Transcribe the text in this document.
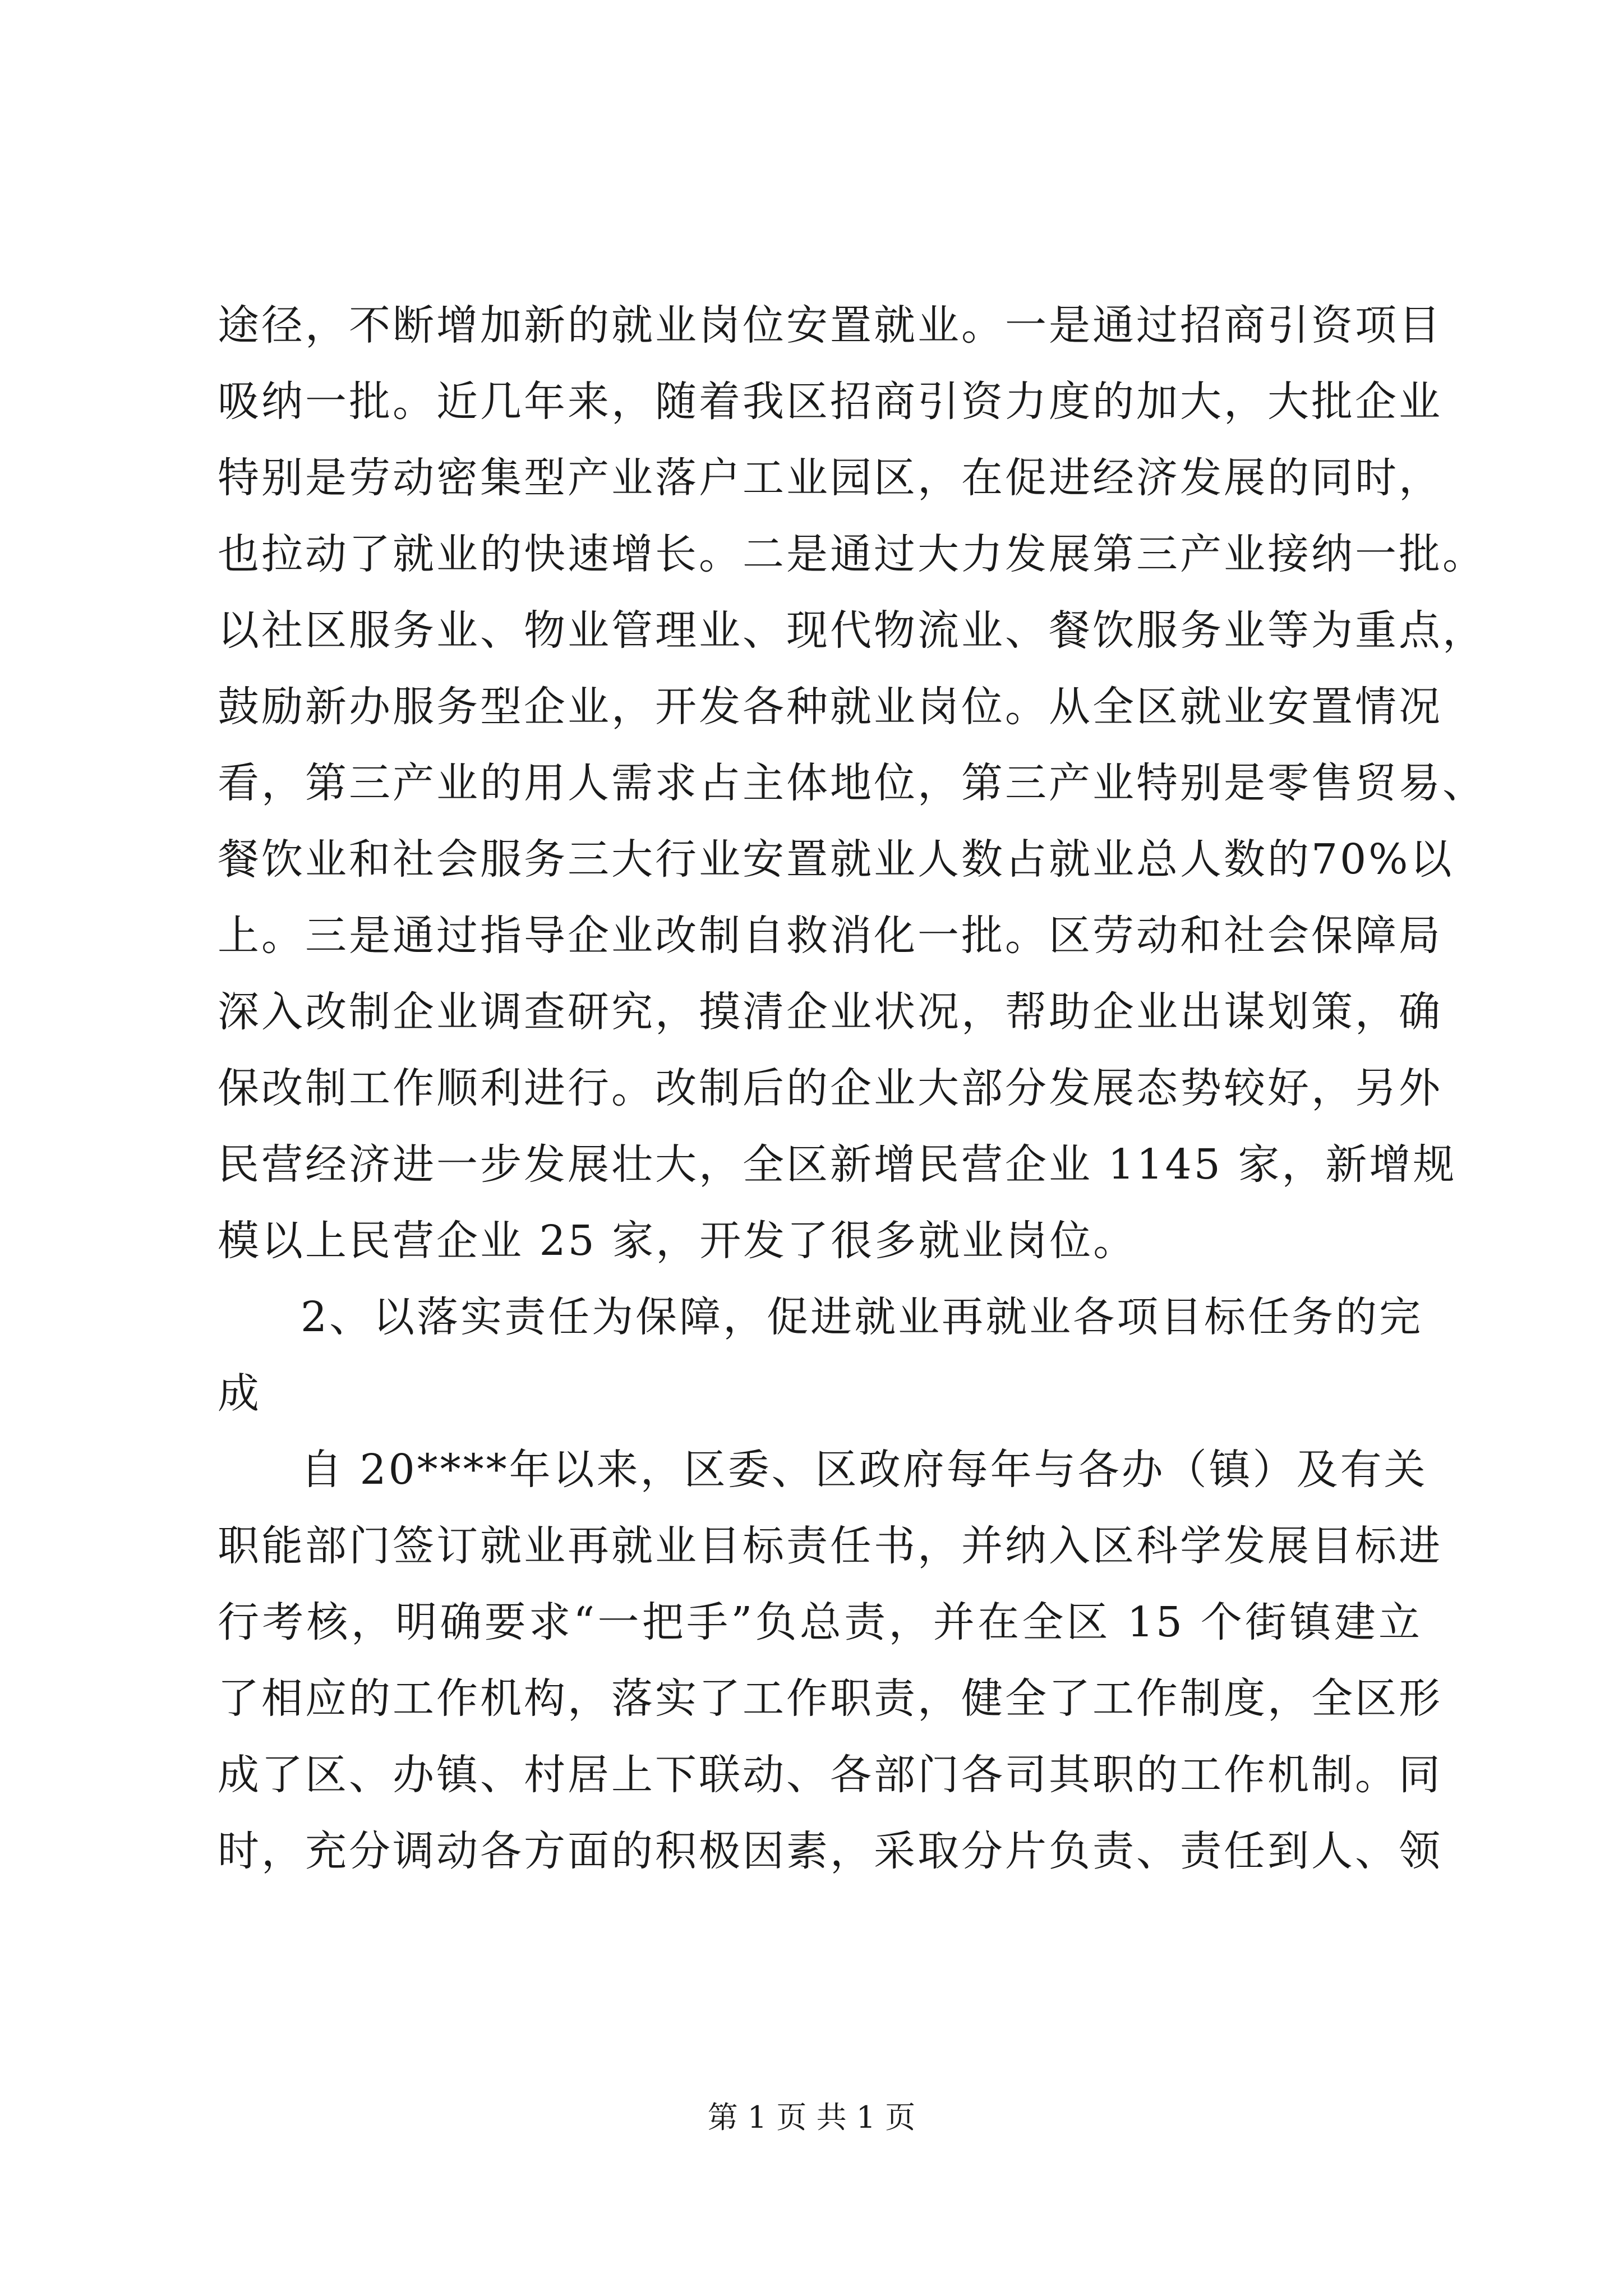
途径，不断增加新的就业岗位安置就业。一是通过招商引资项目
吸纳一批。近几年来，随着我区招商引资力度的加大，大批企业
特别是劳动密集型产业落户工业园区，在促进经济发展的同时，
也拉动了就业的快速增长。二是通过大力发展第三产业接纳一批。
以社区服务业、物业管理业、现代物流业、餐饮服务业等为重点，
鼓励新办服务型企业，开发各种就业岗位。从全区就业安置情况
看，第三产业的用人需求占主体地位，第三产业特别是零售贸易、
餐饮业和社会服务三大行业安置就业人数占就业总人数的70%以
上。三是通过指导企业改制自救消化一批。区劳动和社会保障局
深入改制企业调查研究，摸清企业状况，帮助企业出谋划策，确
保改制工作顺利进行。改制后的企业大部分发展态势较好，另外
民营经济进一步发展壮大，全区新增民营企业 1145 家，新增规
模以上民营企业 25 家，开发了很多就业岗位。
2、以落实责任为保障，促进就业再就业各项目标任务的完
成
自 20****年以来，区委、区政府每年与各办（镇）及有关
职能部门签订就业再就业目标责任书，并纳入区科学发展目标进
行考核，明确要求“一把手”负总责，并在全区 15 个街镇建立
了相应的工作机构，落实了工作职责，健全了工作制度，全区形
成了区、办镇、村居上下联动、各部门各司其职的工作机制。同
时，充分调动各方面的积极因素，采取分片负责、责任到人、领
第 1 页 共 1 页
